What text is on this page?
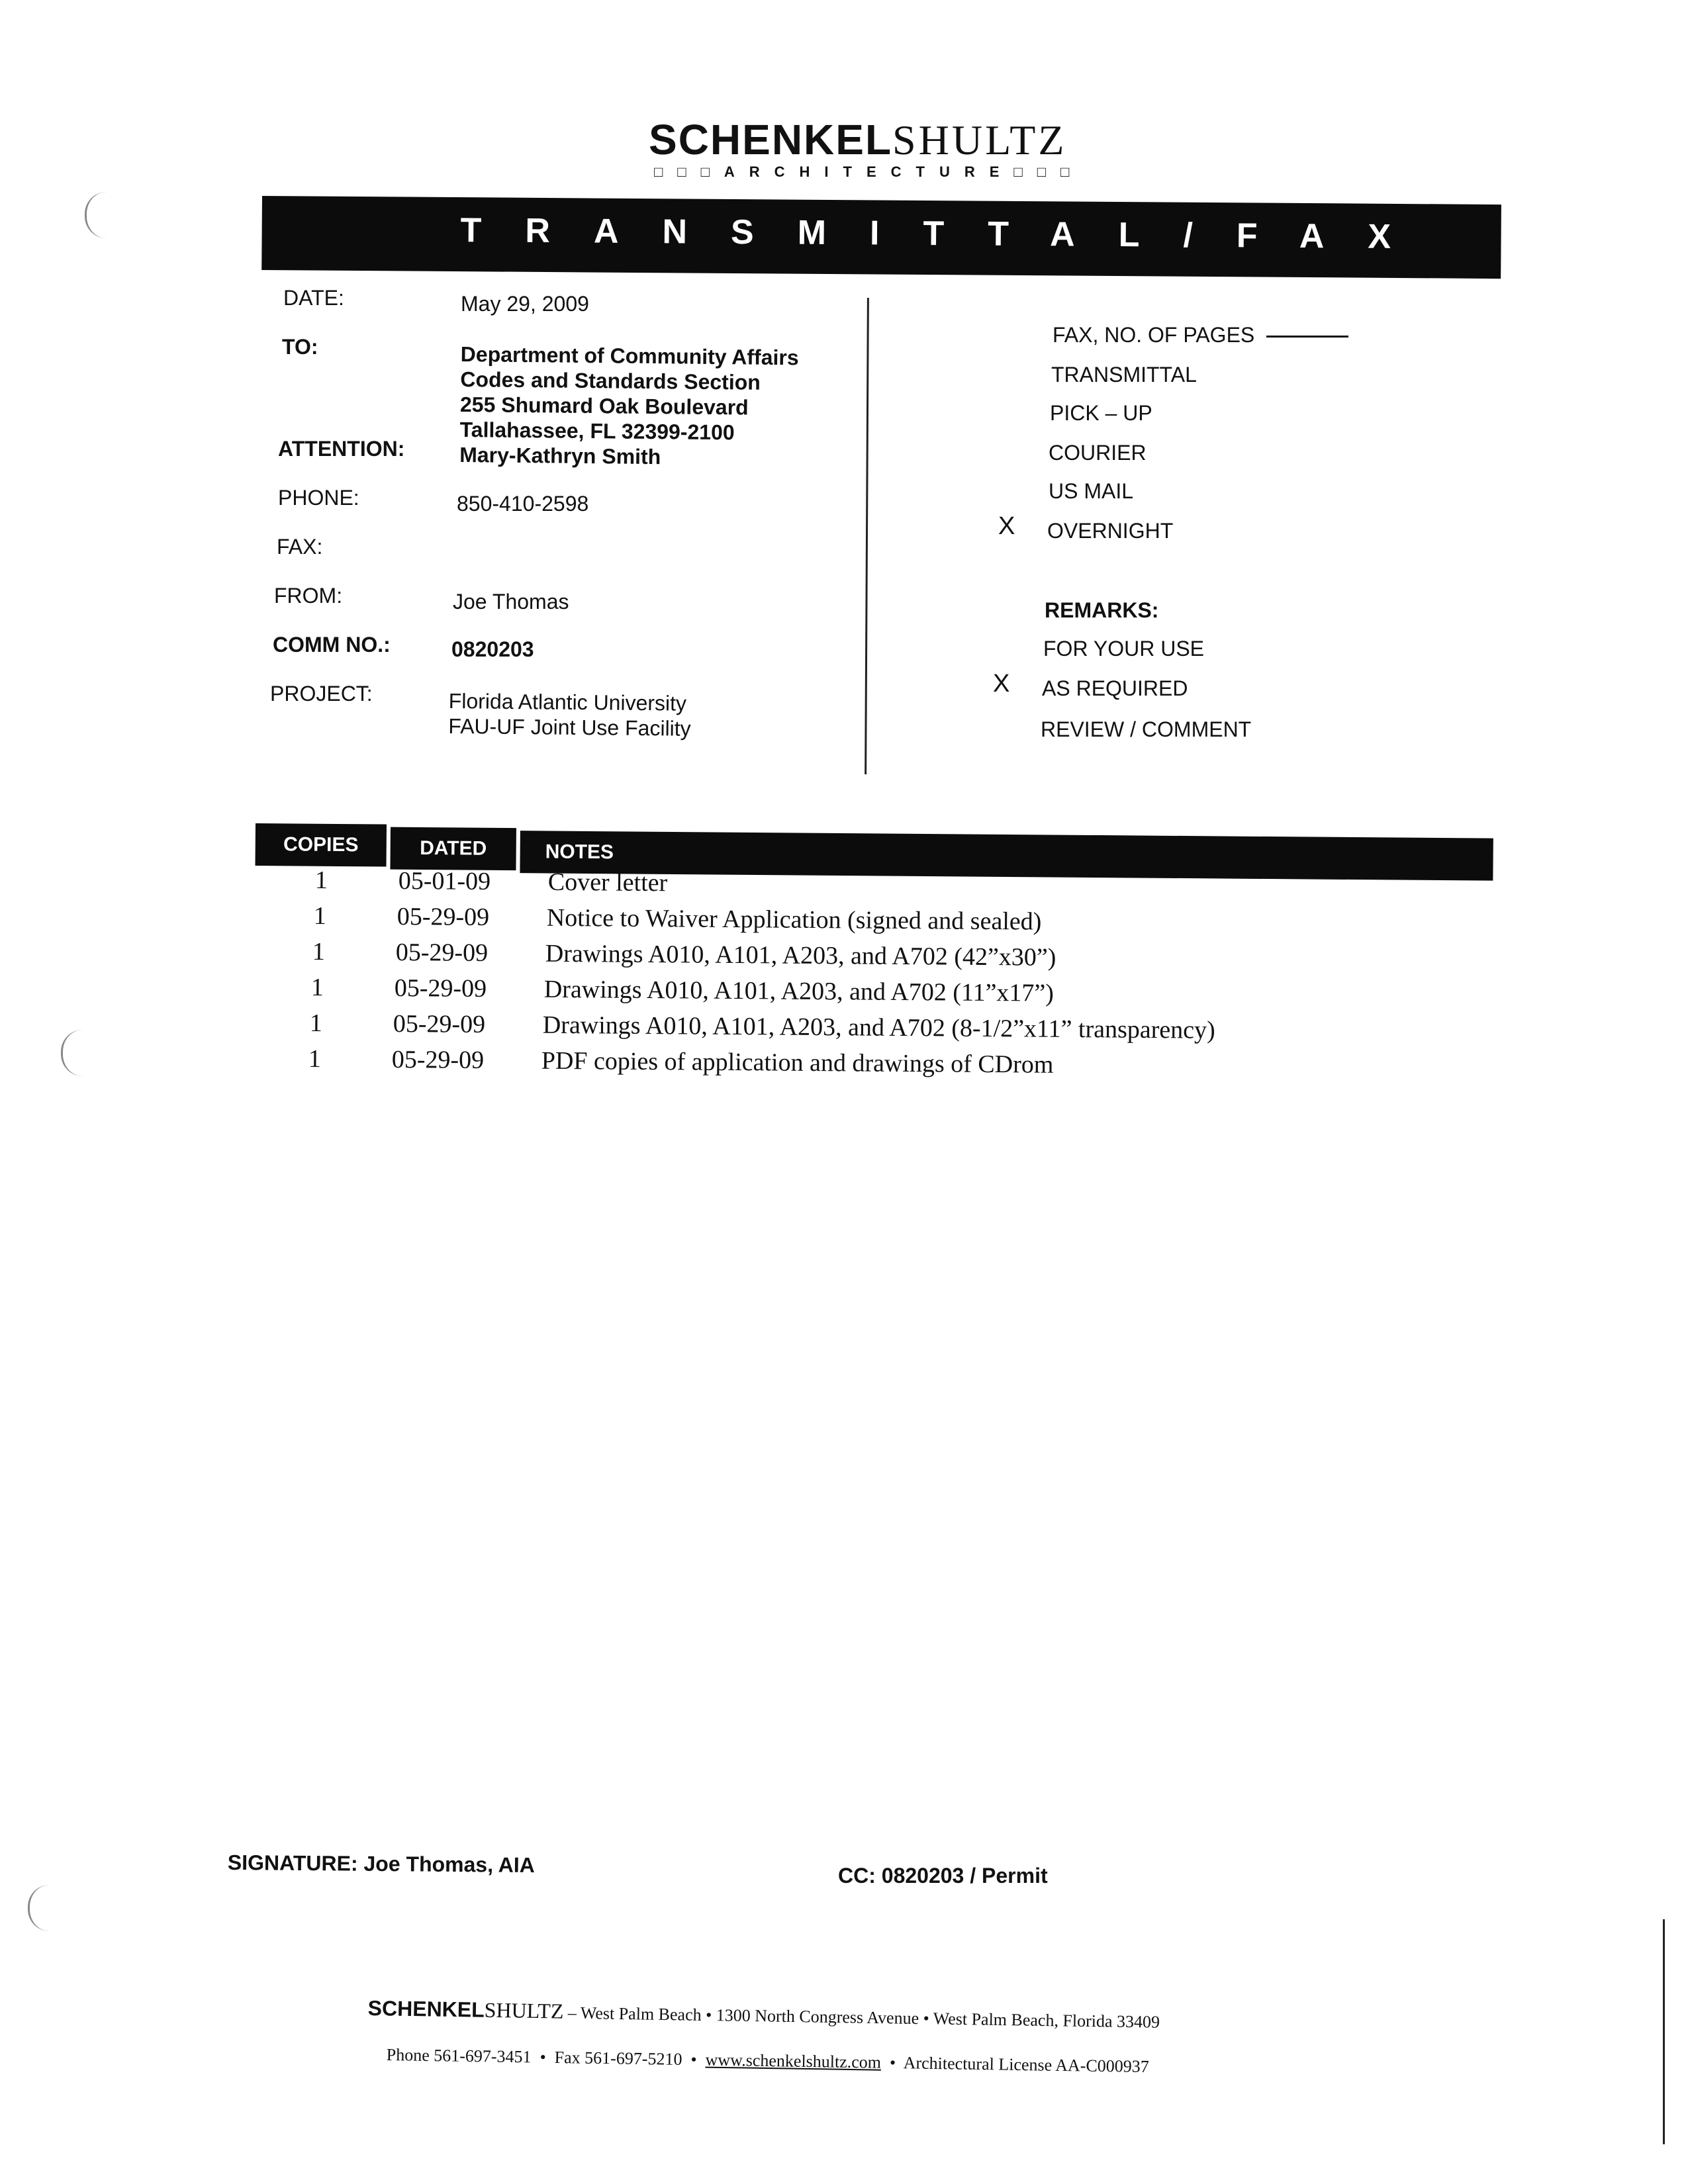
SCHENKELSHULTZ
□□□ARCHITECTURE□□□
TRANSMITTAL/FAX
DATE:	May 29, 2009
TO:	Department of Community Affairs
Codes and Standards Section
255 Shumard Oak Boulevard
Tallahassee, FL 32399-2100
Mary-Kathryn Smith
ATTENTION:
PHONE:	850-410-2598
FAX:
FROM:	Joe Thomas
COMM NO.:	0820203
PROJECT:	Florida Atlantic University
FAU-UF Joint Use Facility
FAX, NO. OF PAGES
TRANSMITTAL
PICK – UP
COURIER
US MAIL
X OVERNIGHT
REMARKS:
FOR YOUR USE
X AS REQUIRED
REVIEW / COMMENT
COPIES	DATED	NOTES
1	05-01-09 Cover letter
1	05-29-09 Notice to Waiver Application (signed and sealed)
1	05-29-09 Drawings A010, A101, A203, and A702 (42”x30”)
1	05-29-09 Drawings A010, A101, A203, and A702 (11”x17”)
1	05-29-09 Drawings A010, A101, A203, and A702 (8-1/2”x11” transparency)
1	05-29-09 PDF copies of application and drawings of CDrom
SIGNATURE: Joe Thomas, AIA	CC: 0820203 / Permit
SCHENKELSHULTZ – West Palm Beach • 1300 North Congress Avenue • West Palm Beach, Florida 33409
Phone 561-697-3451  •  Fax 561-697-5210  •  www.schenkelshultz.com  •  Architectural License AA-C000937
